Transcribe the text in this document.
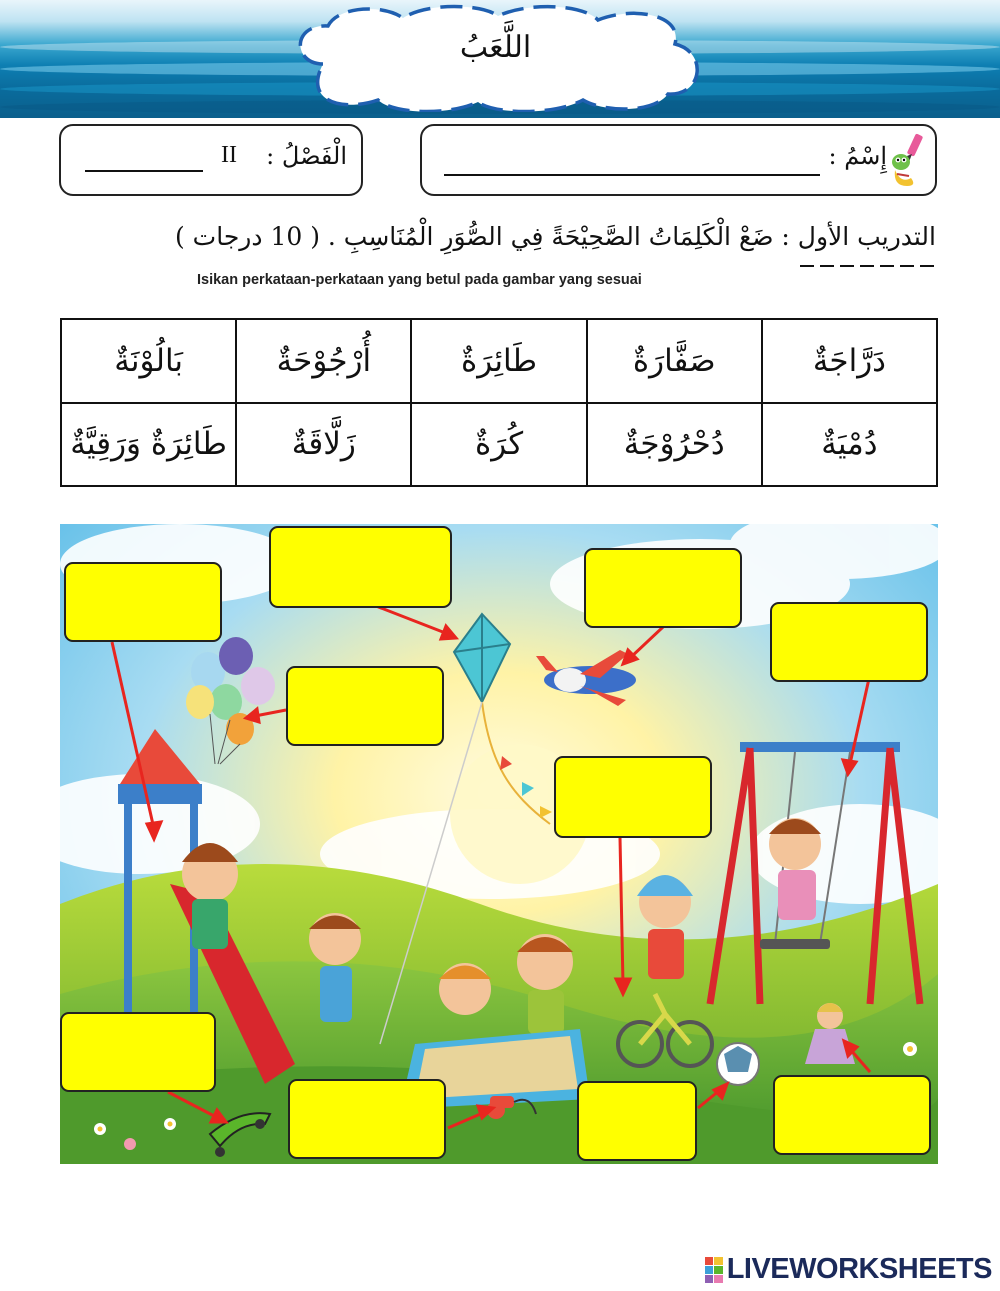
اللَّعَبُ
الْفَصْلُ :
II	إِسْمُ :
التدريب الأول : ضَعْ الْكَلِمَاتُ الصَّحِيْحَةً فِي الصُّوَرِ الْمُنَاسِبِ . ( 10 درجات )
Isikan perkataan-perkataan yang betul pada gambar yang sesuai
دَرَّاجَةٌ	صَفَّارَةٌ	طَائِرَةٌ	أُرْجُوْحَةٌ	بَالُوْنَةٌ
دُمْيَةٌ	دُحْرُوْجَةٌ	كُرَةٌ	زَلَّاقَةٌ	طَائِرَةٌ وَرَقِيَّةٌ
LIVEWORKSHEETS
